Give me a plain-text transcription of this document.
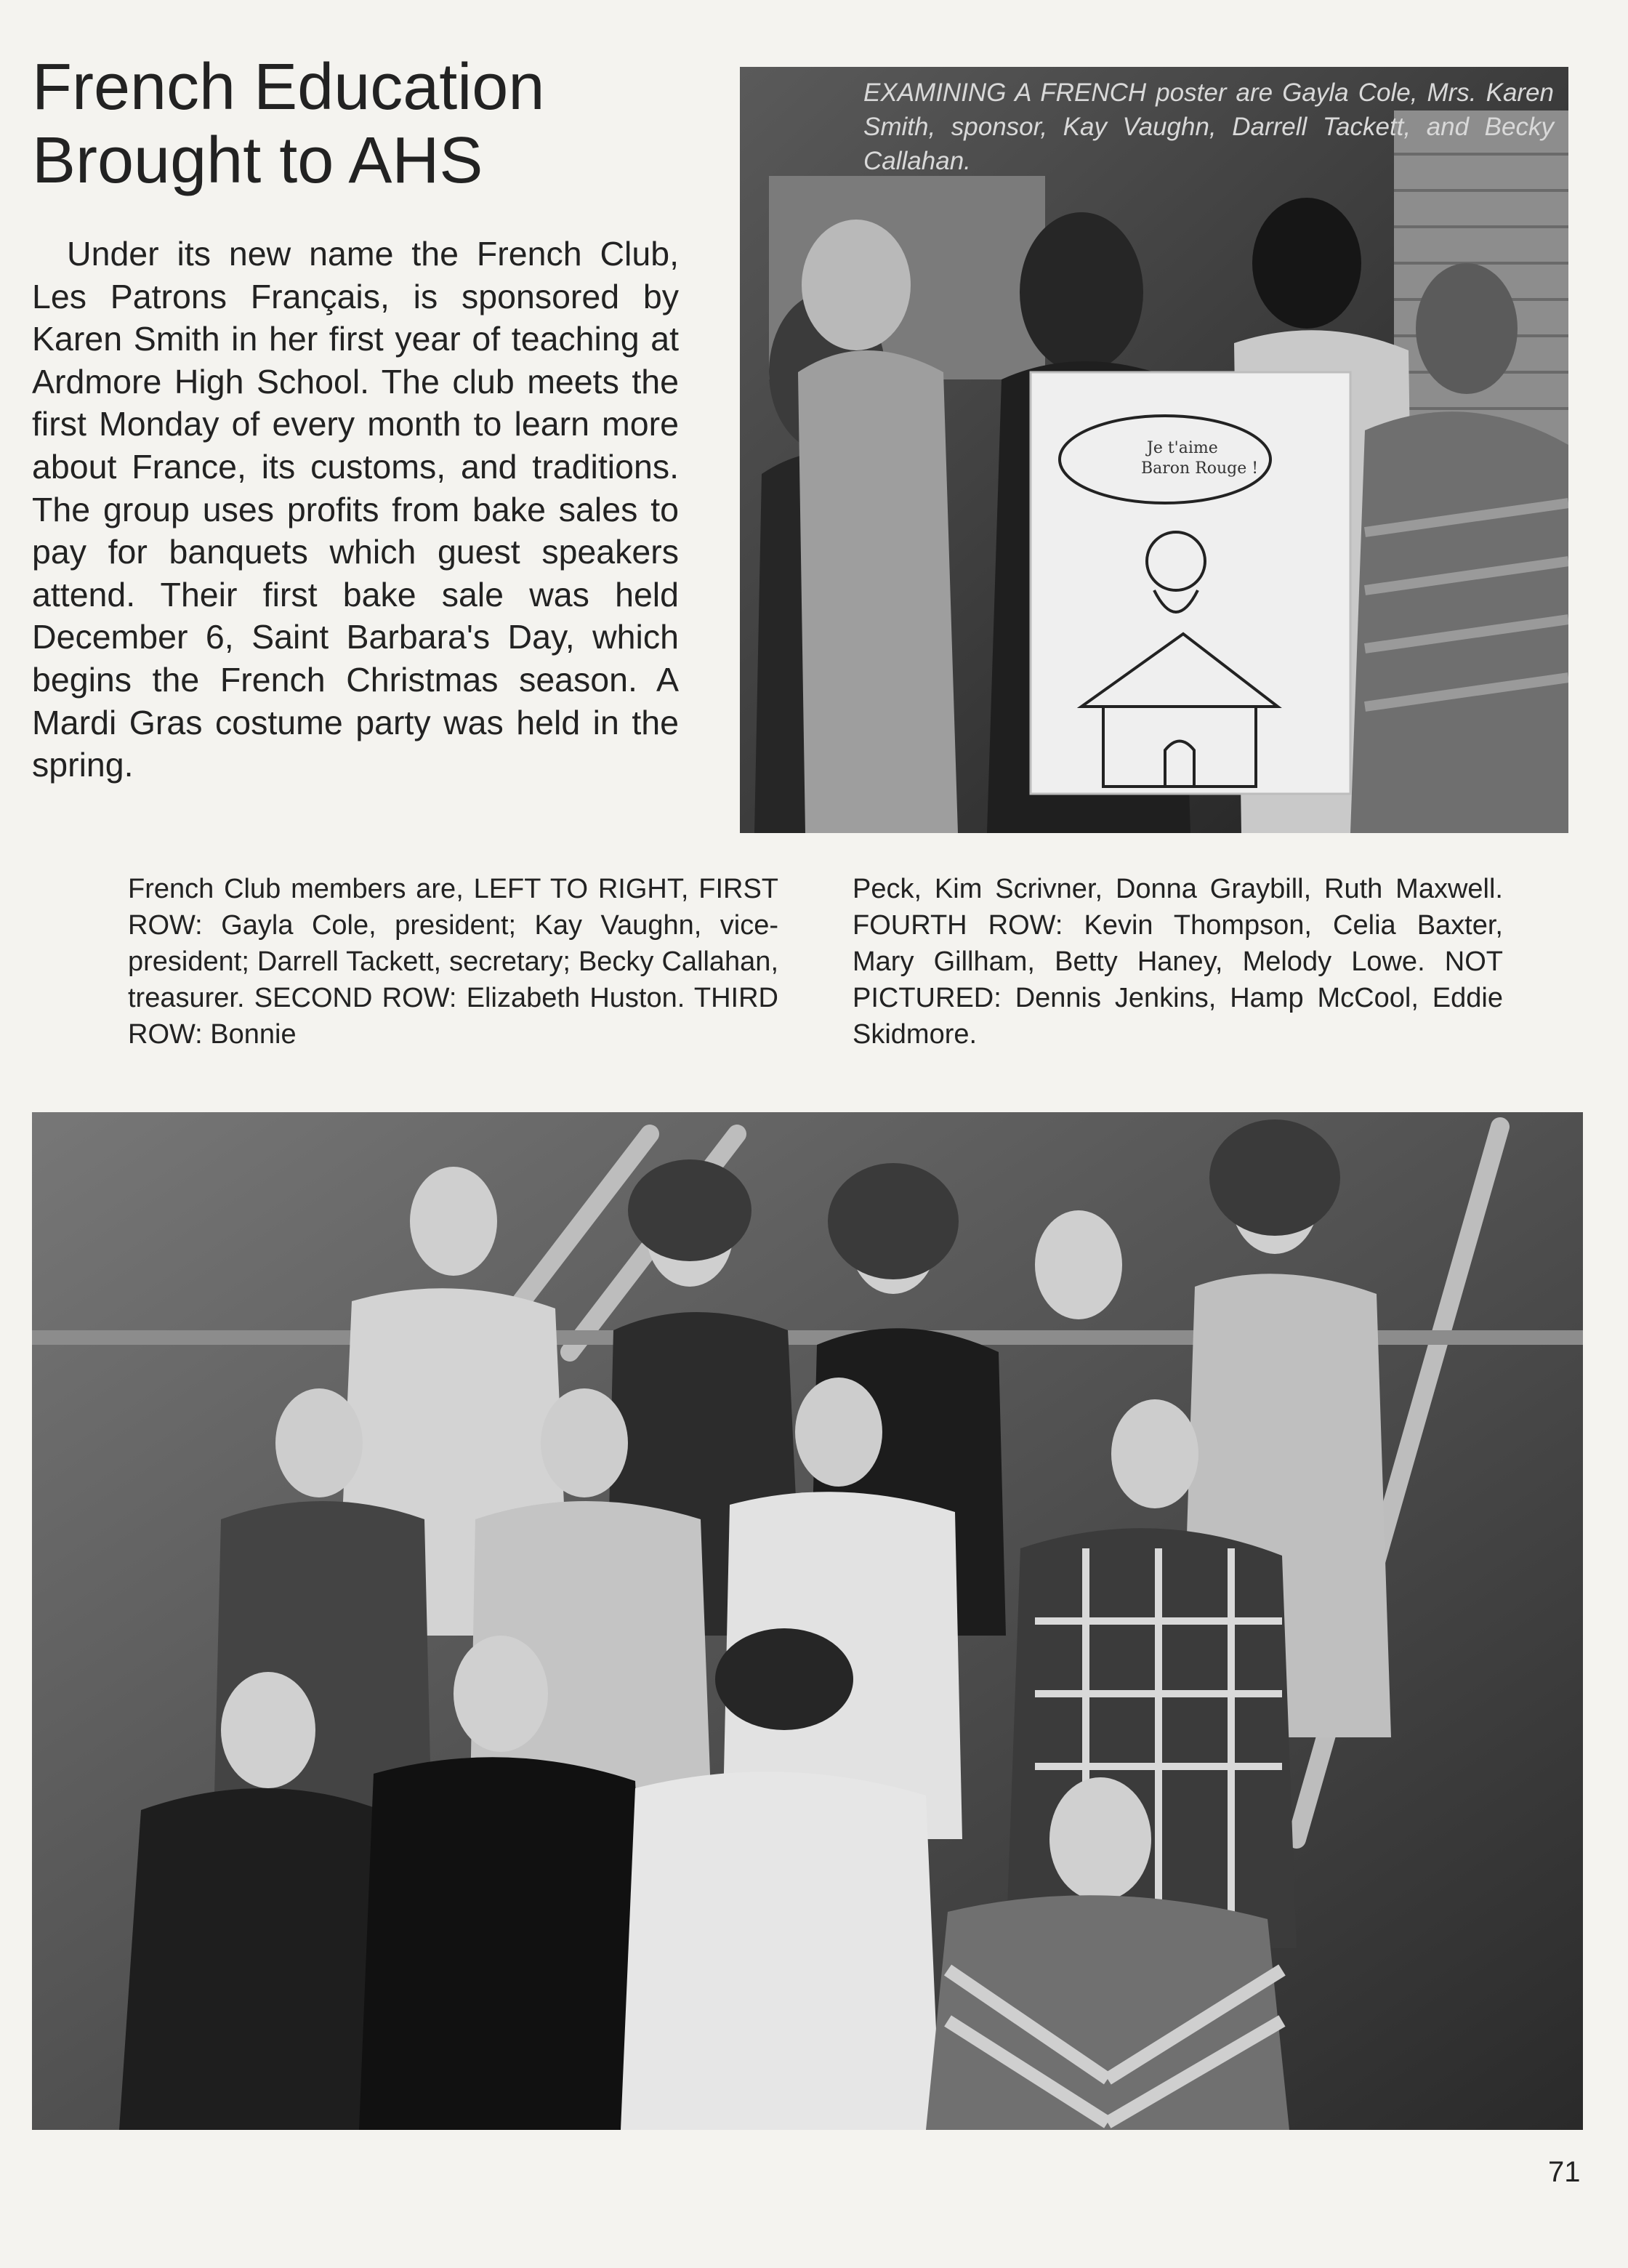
French Education
Brought to AHS

Under its new name the French Club, Les Patrons Français, is sponsored by Karen Smith in her first year of teaching at Ardmore High School. The club meets the first Monday of every month to learn more about France, its customs, and traditions. The group uses profits from bake sales to pay for banquets which guest speakers attend. Their first bake sale was held December 6, Saint Barbara's Day, which begins the French Christmas season. A Mardi Gras costume party was held in the spring.

Je t'aime
Baron Rouge !

EXAMINING A FRENCH poster are Gayla Cole, Mrs. Karen Smith, sponsor, Kay Vaughn, Darrell Tackett, and Becky Callahan.

French Club members are, LEFT TO RIGHT, FIRST ROW: Gayla Cole, president; Kay Vaughn, vice-president; Darrell Tackett, secretary; Becky Callahan, treasurer. SECOND ROW: Elizabeth Huston. THIRD ROW: Bonnie

Peck, Kim Scrivner, Donna Graybill, Ruth Maxwell. FOURTH ROW: Kevin Thompson, Celia Baxter, Mary Gillham, Betty Haney, Melody Lowe. NOT PICTURED: Dennis Jenkins, Hamp McCool, Eddie Skidmore.

71
